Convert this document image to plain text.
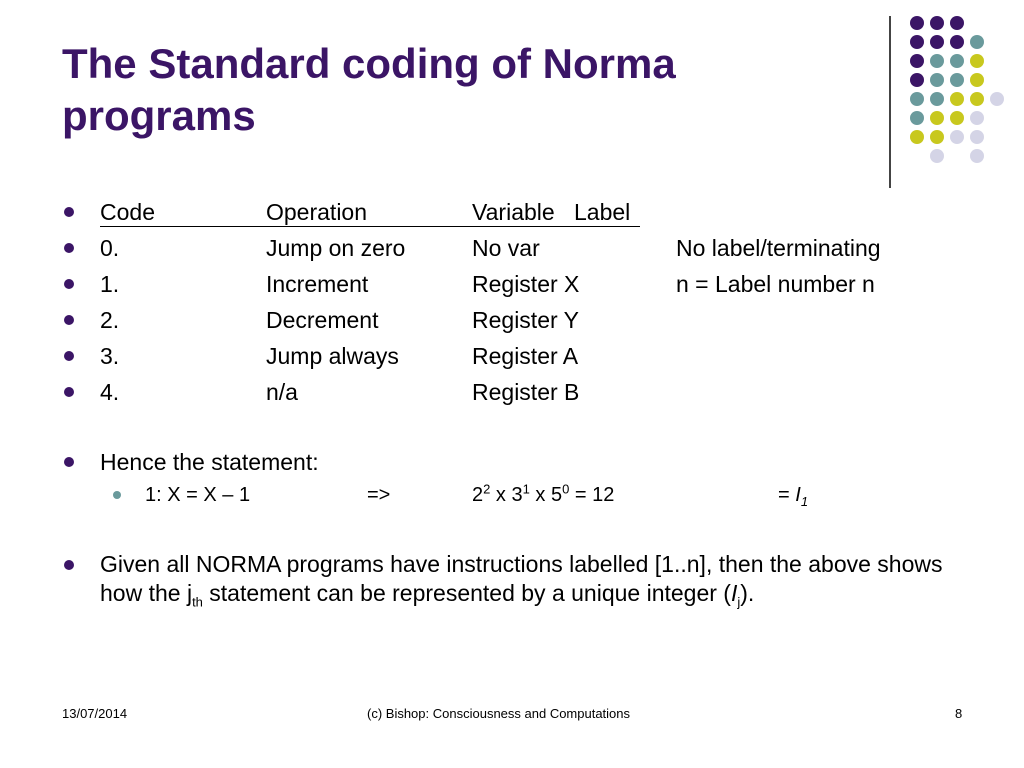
The Standard coding of Norma programs
Code	Operation	Variable Label
0.	Jump on zero	No var	No label/terminating
1.	Increment	Register X	n = Label number n
2.	Decrement	Register Y
3.	Jump always	Register A
4.	n/a	Register B
Hence the statement:
1: X = X – 1	=>	$2^2$ x $3^1$ x $5^0 = 12$	= $I_1$
Given all NORMA programs have instructions labelled [1..n], then the above shows how the $j_{th}$ statement can be represented by a unique integer $(I_j)$.
13/07/2014	(c) Bishop: Consciousness and Computations	8
